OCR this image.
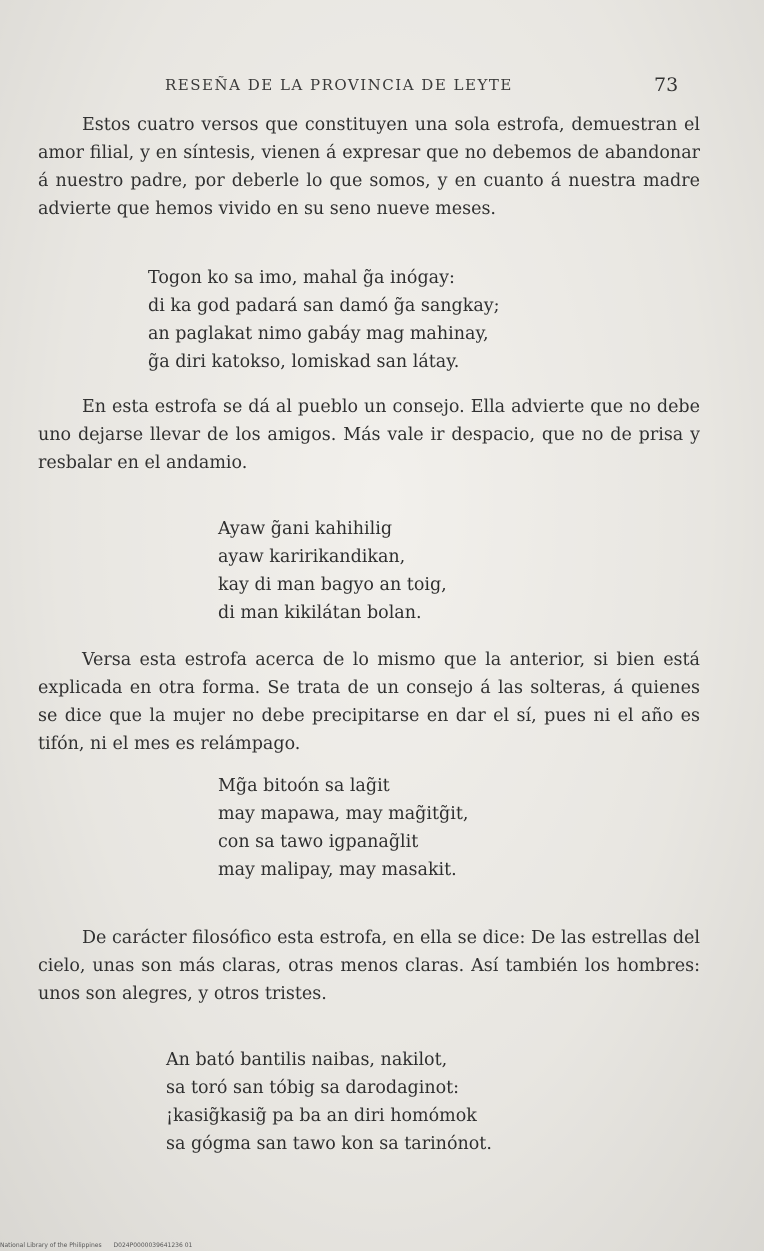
RESEÑA DE LA PROVINCIA DE LEYTE	73

Estos cuatro versos que constituyen una sola estrofa, demuestran el amor filial, y en síntesis, vienen á expresar que no debemos de abandonar á nuestro padre, por deberle lo que somos, y en cuanto á nuestra madre advierte que hemos vivido en su seno nueve meses.

Togon ko sa imo, mahal g̃a inógay:
di ka god padará san damó g̃a sangkay;
an paglakat nimo gabáy mag mahinay,
g̃a diri katokso, lomiskad san látay.

En esta estrofa se dá al pueblo un consejo. Ella advierte que no debe uno dejarse llevar de los amigos. Más vale ir despacio, que no de prisa y resbalar en el andamio.

Ayaw g̃ani kahihilig
ayaw karirikandikan,
kay di man bagyo an toig,
di man kikilátan bolan.

Versa esta estrofa acerca de lo mismo que la anterior, si bien está explicada en otra forma. Se trata de un consejo á las solteras, á quienes se dice que la mujer no debe precipitarse en dar el sí, pues ni el año es tifón, ni el mes es relámpago.

Mg̃a bitoón sa lag̃it
may mapawa, may mag̃itg̃it,
con sa tawo igpanag̃lit
may malipay, may masakit.

De carácter filosófico esta estrofa, en ella se dice: De las estrellas del cielo, unas son más claras, otras menos claras. Así también los hombres: unos son alegres, y otros tristes.

An bató bantilis naibas, nakilot,
sa toró san tóbig sa darodaginot:
¡kasig̃kasig̃ pa ba an diri homómok
sa gógma san tawo kon sa tarinónot.
National Library of the Philippines D024P0000039641236 01
